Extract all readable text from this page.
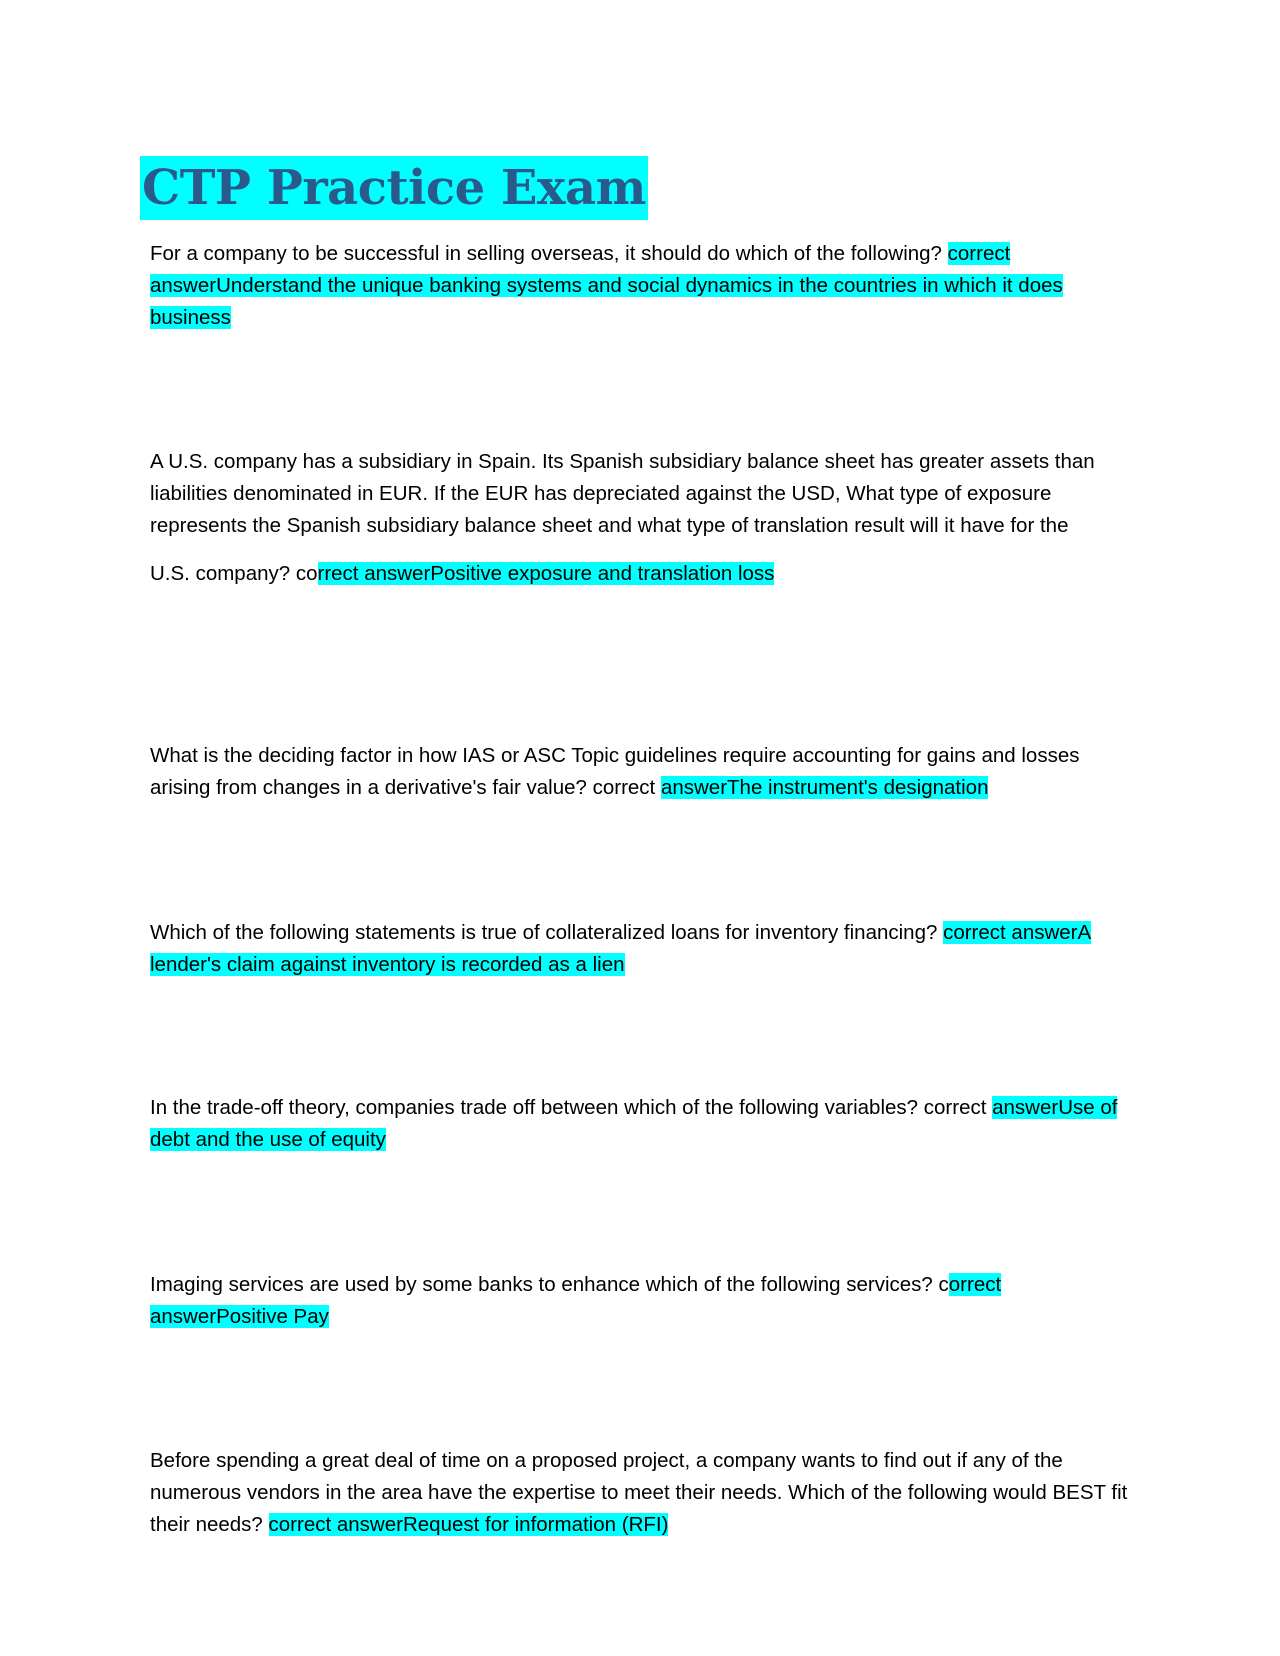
CTP Practice Exam

For a company to be successful in selling overseas, it should do which of the following? correct answerUnderstand the unique banking systems and social dynamics in the countries in which it does business

A U.S. company has a subsidiary in Spain. Its Spanish subsidiary balance sheet has greater assets than liabilities denominated in EUR. If the EUR has depreciated against the USD, What type of exposure represents the Spanish subsidiary balance sheet and what type of translation result will it have for the
U.S. company? correct answerPositive exposure and translation loss

What is the deciding factor in how IAS or ASC Topic guidelines require accounting for gains and losses arising from changes in a derivative's fair value? correct answerThe instrument's designation

Which of the following statements is true of collateralized loans for inventory financing? correct answerA lender's claim against inventory is recorded as a lien

In the trade-off theory, companies trade off between which of the following variables? correct answerUse of debt and the use of equity

Imaging services are used by some banks to enhance which of the following services? correct answerPositive Pay

Before spending a great deal of time on a proposed project, a company wants to find out if any of the numerous vendors in the area have the expertise to meet their needs. Which of the following would BEST fit their needs? correct answerRequest for information (RFI)
